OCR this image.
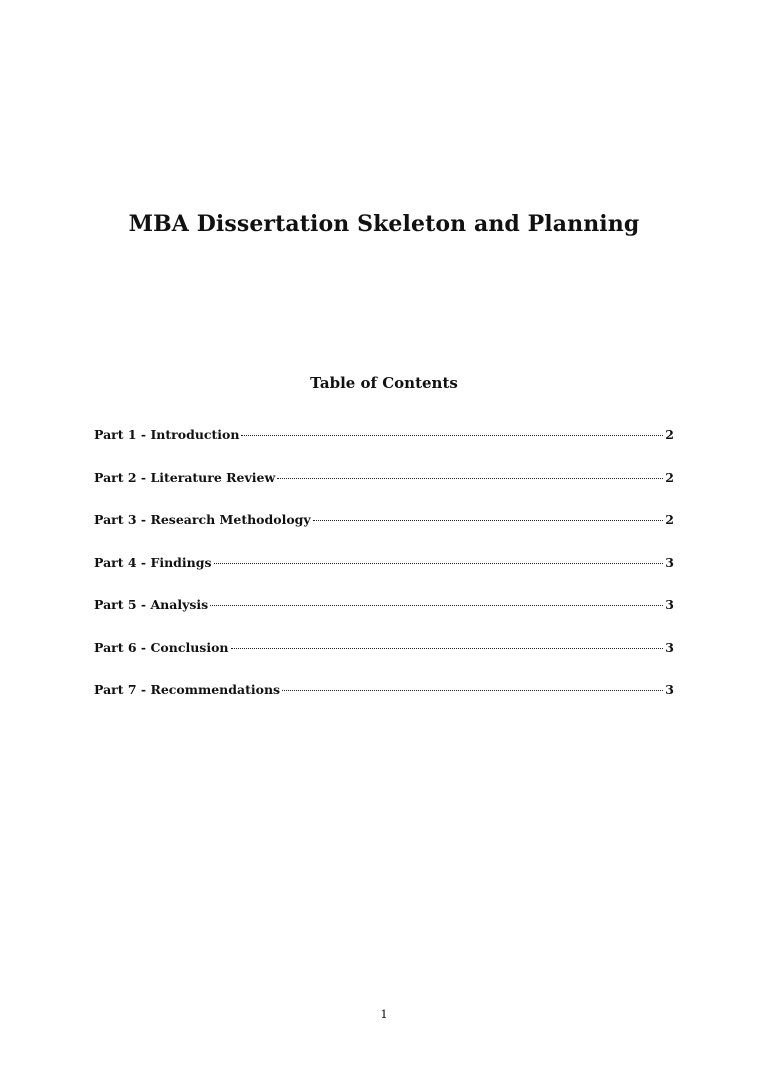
MBA Dissertation Skeleton and Planning
Table of Contents
Part 1 - Introduction	2
Part 2 - Literature Review	2
Part 3 - Research Methodology	2
Part 4 - Findings	3
Part 5 - Analysis	3
Part 6 - Conclusion	3
Part 7 - Recommendations	3
1
